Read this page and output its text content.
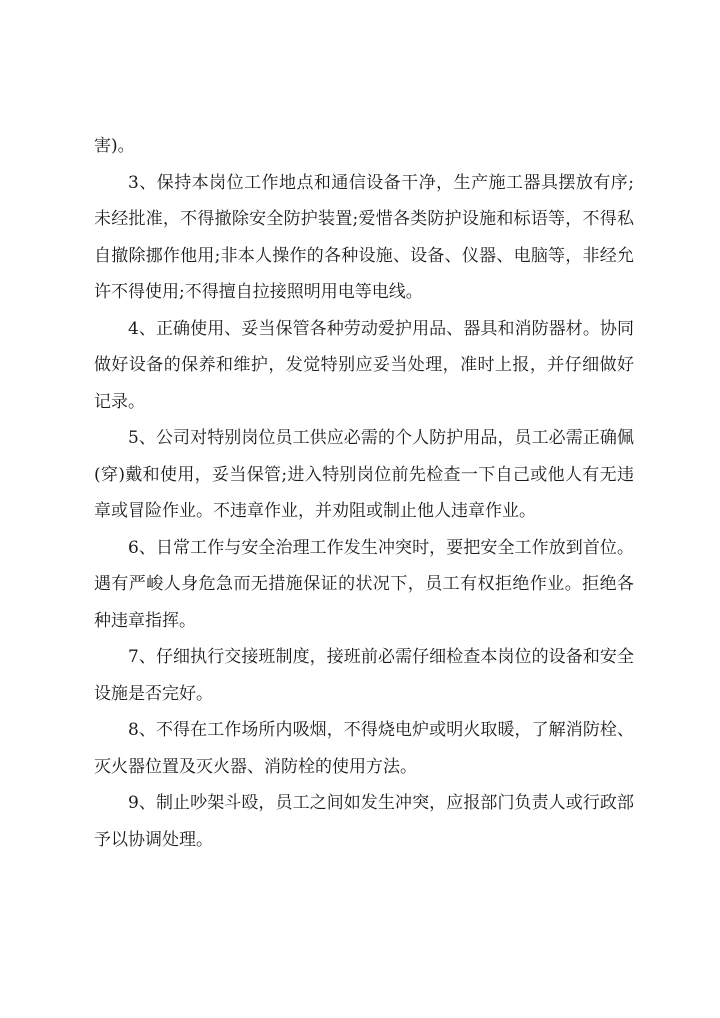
害)。

3、保持本岗位工作地点和通信设备干净，生产施工器具摆放有序;未经批准，不得撤除安全防护装置;爱惜各类防护设施和标语等，不得私自撤除挪作他用;非本人操作的各种设施、设备、仪器、电脑等，非经允许不得使用;不得擅自拉接照明用电等电线。

4、正确使用、妥当保管各种劳动爱护用品、器具和消防器材。协同做好设备的保养和维护，发觉特别应妥当处理，准时上报，并仔细做好记录。

5、公司对特别岗位员工供应必需的个人防护用品，员工必需正确佩(穿)戴和使用，妥当保管;进入特别岗位前先检查一下自己或他人有无违章或冒险作业。不违章作业，并劝阻或制止他人违章作业。

6、日常工作与安全治理工作发生冲突时，要把安全工作放到首位。遇有严峻人身危急而无措施保证的状况下，员工有权拒绝作业。拒绝各种违章指挥。

7、仔细执行交接班制度，接班前必需仔细检查本岗位的设备和安全设施是否完好。

8、不得在工作场所内吸烟，不得烧电炉或明火取暖，了解消防栓、灭火器位置及灭火器、消防栓的使用方法。

9、制止吵架斗殴，员工之间如发生冲突，应报部门负责人或行政部予以协调处理。
